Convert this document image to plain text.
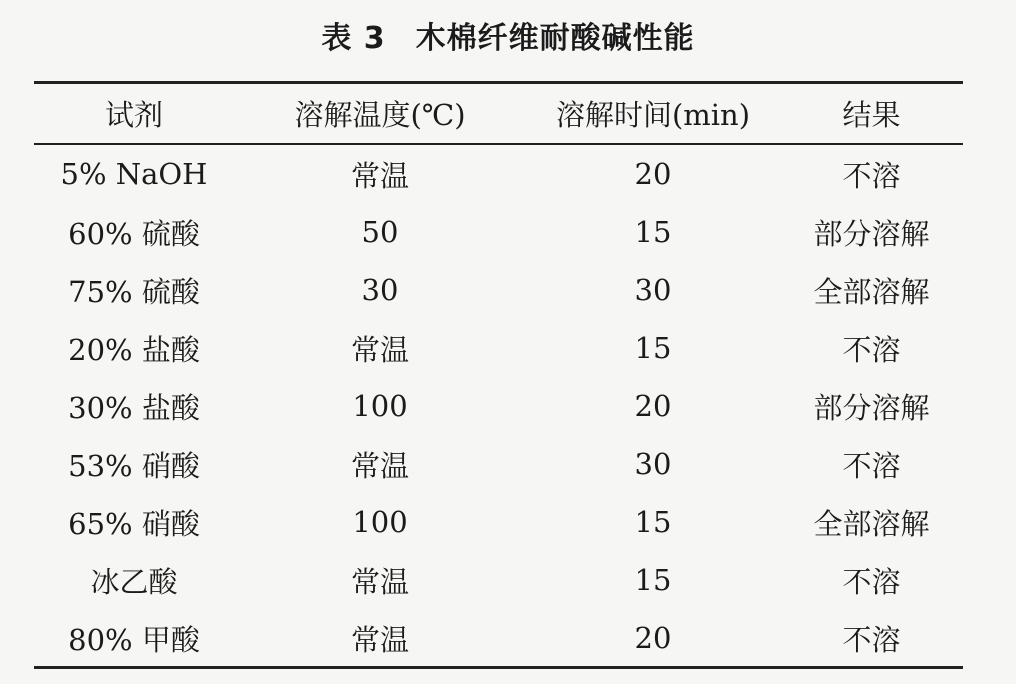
表 3 木棉纤维耐酸碱性能
试剂	溶解温度(℃)	溶解时间(min)	结果
5% NaOH	常温	20	不溶
60% 硫酸	50	15	部分溶解
75% 硫酸	30	30	全部溶解
20% 盐酸	常温	15	不溶
30% 盐酸	100	20	部分溶解
53% 硝酸	常温	30	不溶
65% 硝酸	100	15	全部溶解
冰乙酸	常温	15	不溶
80% 甲酸	常温	20	不溶
